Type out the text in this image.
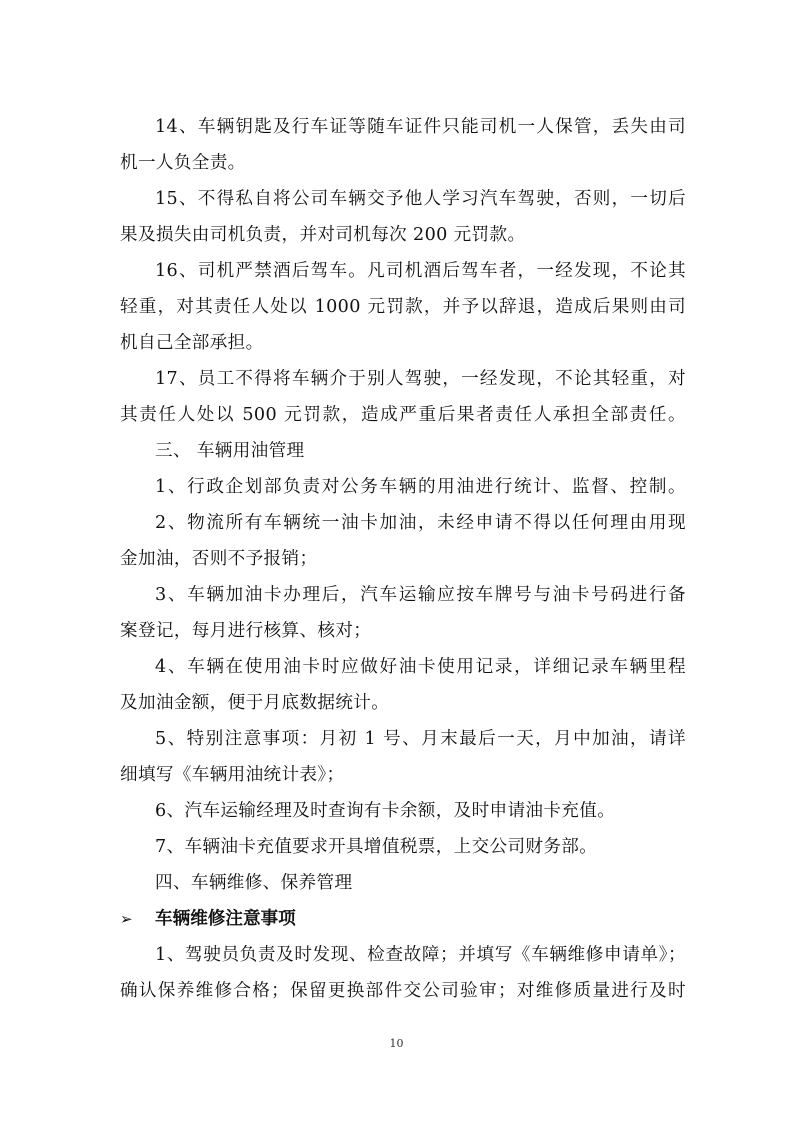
14、车辆钥匙及行车证等随车证件只能司机一人保管，丢失由司
机一人负全责。
15、不得私自将公司车辆交予他人学习汽车驾驶，否则，一切后
果及损失由司机负责，并对司机每次 200 元罚款。
16、司机严禁酒后驾车。凡司机酒后驾车者，一经发现，不论其
轻重，对其责任人处以 1000 元罚款，并予以辞退，造成后果则由司
机自己全部承担。
17、员工不得将车辆介于别人驾驶，一经发现，不论其轻重，对
其责任人处以 500 元罚款，造成严重后果者责任人承担全部责任。
三、 车辆用油管理
1、行政企划部负责对公务车辆的用油进行统计、监督、控制。
2、物流所有车辆统一油卡加油，未经申请不得以任何理由用现
金加油，否则不予报销；
3、车辆加油卡办理后，汽车运输应按车牌号与油卡号码进行备
案登记，每月进行核算、核对；
4、车辆在使用油卡时应做好油卡使用记录，详细记录车辆里程
及加油金额，便于月底数据统计。
5、特别注意事项：月初 1 号、月末最后一天，月中加油，请详
细填写《车辆用油统计表》；
6、汽车运输经理及时查询有卡余额，及时申请油卡充值。
7、车辆油卡充值要求开具增值税票，上交公司财务部。
四、车辆维修、保养管理
➢ 车辆维修注意事项
1、驾驶员负责及时发现、检查故障；并填写《车辆维修申请单》；
确认保养维修合格；保留更换部件交公司验审；对维修质量进行及时
10
